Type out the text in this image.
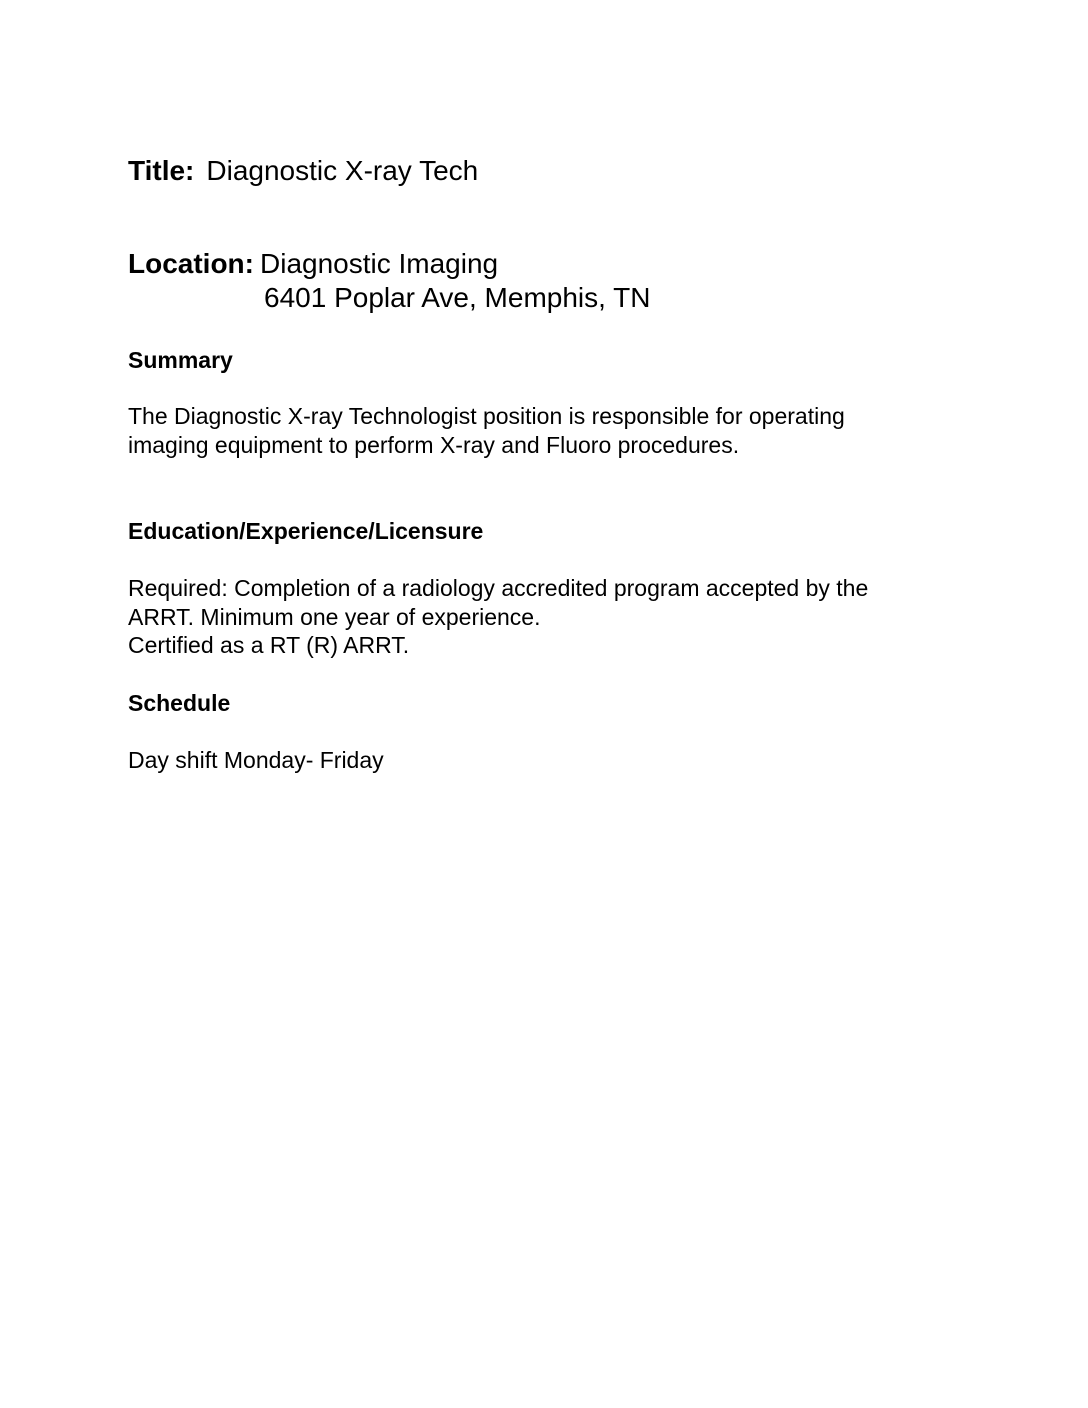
Title: Diagnostic X-ray Tech
Location: Diagnostic Imaging
6401 Poplar Ave, Memphis, TN
Summary
The Diagnostic X-ray Technologist position is responsible for operating
imaging equipment to perform X-ray and Fluoro procedures.
Education/Experience/Licensure
Required: Completion of a radiology accredited program accepted by the
ARRT. Minimum one year of experience.
Certified as a RT (R) ARRT.
Schedule
Day shift Monday- Friday
